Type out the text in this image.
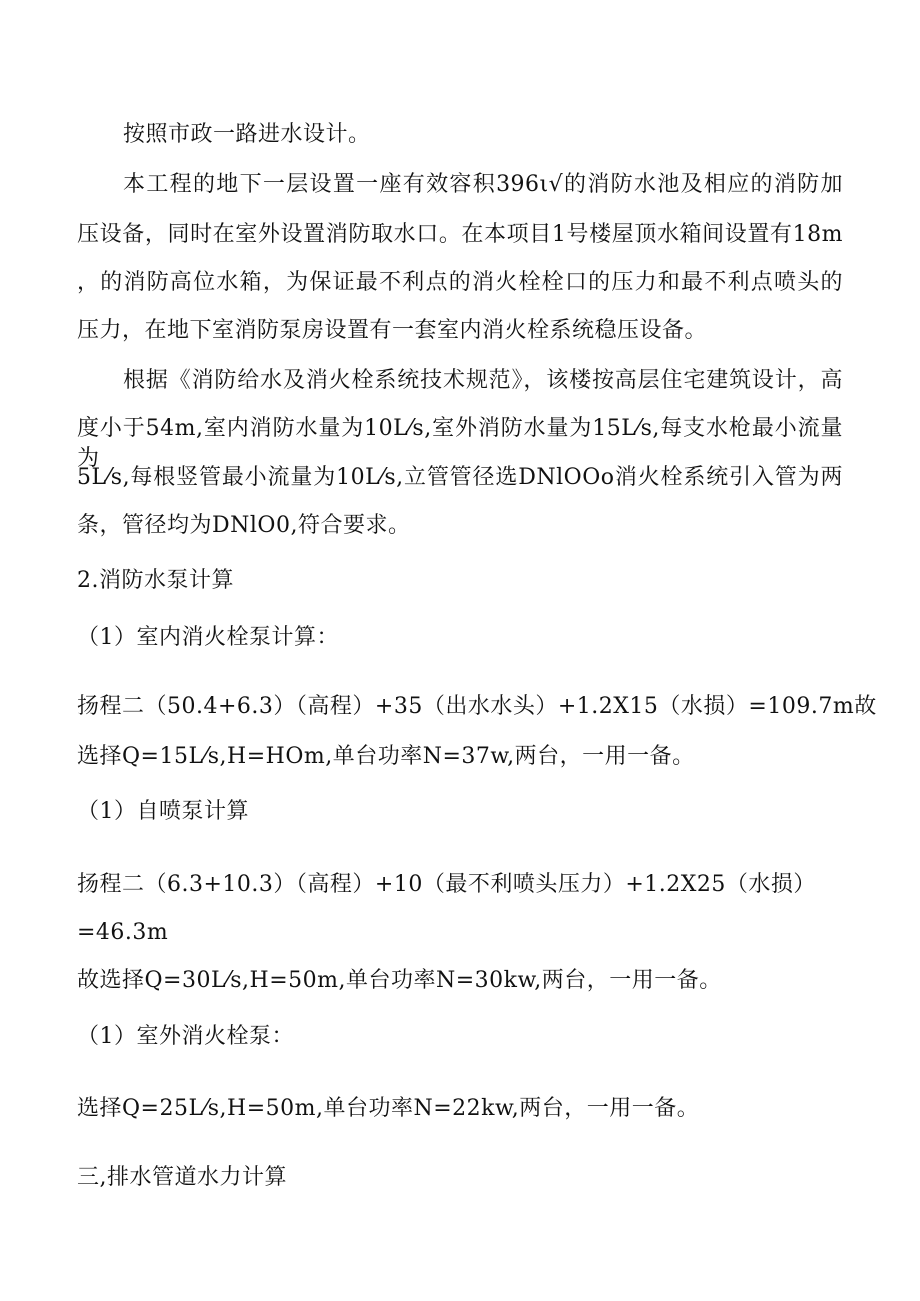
按照市政一路进水设计。
本工程的地下一层设置一座有效容积396ι√的消防水池及相应的消防加
压设备，同时在室外设置消防取水口。在本项目1号楼屋顶水箱间设置有18m
，的消防高位水箱，为保证最不利点的消火栓栓口的压力和最不利点喷头的
压力，在地下室消防泵房设置有一套室内消火栓系统稳压设备。
根据《消防给水及消火栓系统技术规范》，该楼按高层住宅建筑设计，高
度小于54m,室内消防水量为10L⁄s,室外消防水量为15L⁄s,每支水枪最小流量为
5L⁄s,每根竖管最小流量为10L⁄s,立管管径选DNlOOo消火栓系统引入管为两
条，管径均为DNlO0,符合要求。
2.消防水泵计算
（1）室内消火栓泵计算：
扬程二（50.4+6.3）（高程）+35（出水水头）+1.2X15（水损）=109.7m故
选择Q=15L⁄s,H=HOm,单台功率N=37w,两台，一用一备。
（1）自喷泵计算
扬程二（6.3+10.3）（高程）+10（最不利喷头压力）+1.2X25（水损）
=46.3m
故选择Q=30L⁄s,H=50m,单台功率N=30kw,两台，一用一备。
（1）室外消火栓泵：
选择Q=25L⁄s,H=50m,单台功率N=22kw,两台，一用一备。
三,排水管道水力计算
